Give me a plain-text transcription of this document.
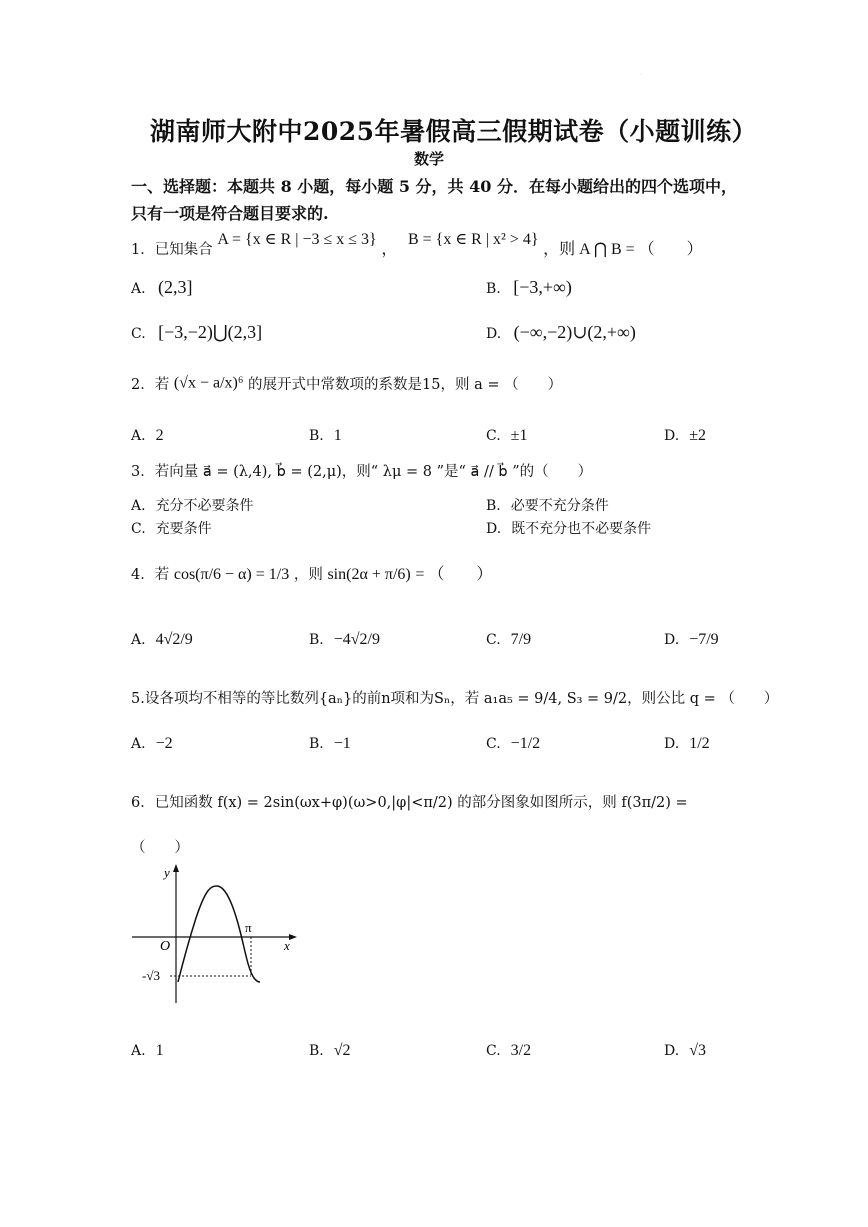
·
湖南师大附中2025年暑假高三假期试卷（小题训练）
数学
一、选择题：本题共 8 小题，每小题 5 分，共 40 分．在每小题给出的四个选项中，
只有一项是符合题目要求的.
1．已知集合 A = {x ∈ R | −3 ≤ x ≤ 3} ， B = {x ∈ R | x² > 4} ，则 A ⋂ B = （　　）
A. (2,3]	B. [−3,+∞)
C. [−3,−2)⋃(2,3]	D. (−∞,−2)∪(2,+∞)
2．若 (√x − a/x)⁶ 的展开式中常数项的系数是15，则 a = （　　）
A. 2	B. 1	C. ±1	D. ±2
3．若向量 a⃗ = (λ,4), b⃗ = (2,μ)，则“ λμ = 8 ”是“ a⃗ // b⃗ ”的（　　）
A. 充分不必要条件	B. 必要不充分条件
C. 充要条件	D. 既不充分也不必要条件
4．若 cos(π/6 − α) = 1/3 ，则 sin(2α + π/6) = （　　）
A. 4√2/9	B. −4√2/9	C. 7/9	D. −7/9
5.设各项均不相等的等比数列{aₙ}的前n项和为Sₙ，若 a₁a₅ = 9/4, S₃ = 9/2，则公比 q = （　　）
A. −2	B. −1	C. −1/2	D. 1/2
6．已知函数 f(x) = 2sin(ωx+φ)(ω>0,|φ|<π/2) 的部分图象如图所示，则 f(3π/2) =
（　　）
y
x
O
π
-√3
A. 1	B. √2	C. 3/2	D. √3
